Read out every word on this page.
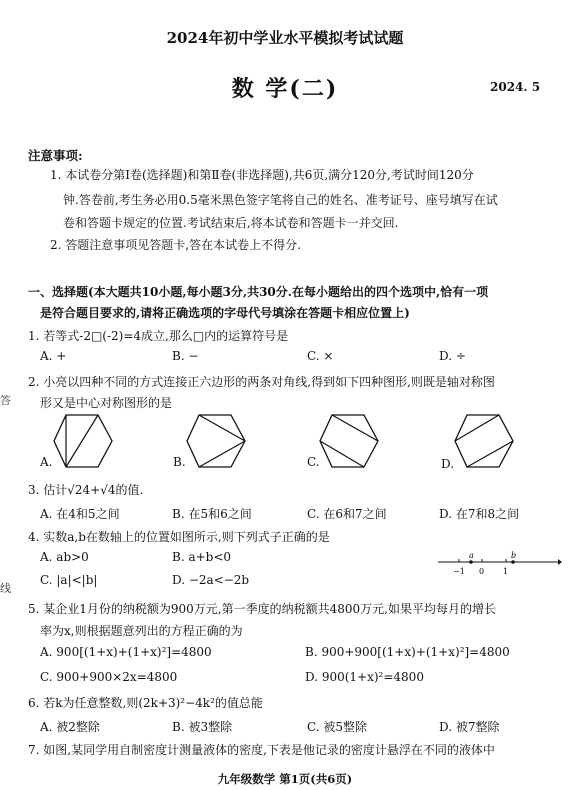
2024年初中学业水平模拟考试试题
数 学(二)	2024. 5
答
线
注意事项:
1. 本试卷分第Ⅰ卷(选择题)和第Ⅱ卷(非选择题),共6页,满分120分,考试时间120分
钟.答卷前,考生务必用0.5毫米黑色签字笔将自己的姓名、准考证号、座号填写在试
卷和答题卡规定的位置.考试结束后,将本试卷和答题卡一并交回.
2. 答题注意事项见答题卡,答在本试卷上不得分.
一、选择题(本大题共10小题,每小题3分,共30分.在每小题给出的四个选项中,恰有一项
是符合题目要求的,请将正确选项的字母代号填涂在答题卡相应位置上)
1. 若等式-2□(-2)=4成立,那么□内的运算符号是
A. +	B. −	C. ×	D. ÷
2. 小亮以四种不同的方式连接正六边形的两条对角线,得到如下四种图形,则既是轴对称图
形又是中心对称图形的是
A.	B.	C.	D.
3. 估计√24+√4的值.
A. 在4和5之间	B. 在5和6之间	C. 在6和7之间	D. 在7和8之间
4. 实数a,b在数轴上的位置如图所示,则下列式子正确的是
A. ab>0	B. a+b<0
C. |a|<|b|	D. −2a<−2b
a	b
−1 0 1
5. 某企业1月份的纳税额为900万元,第一季度的纳税额共4800万元,如果平均每月的增长
率为x,则根据题意列出的方程正确的为
A. 900[(1+x)+(1+x)²]=4800	B. 900+900[(1+x)+(1+x)²]=4800
C. 900+900×2x=4800	D. 900(1+x)²=4800
6. 若k为任意整数,则(2k+3)²−4k²的值总能
A. 被2整除	B. 被3整除	C. 被5整除	D. 被7整除
7. 如图,某同学用自制密度计测量液体的密度,下表是他记录的密度计悬浮在不同的液体中
九年级数学 第1页(共6页)
